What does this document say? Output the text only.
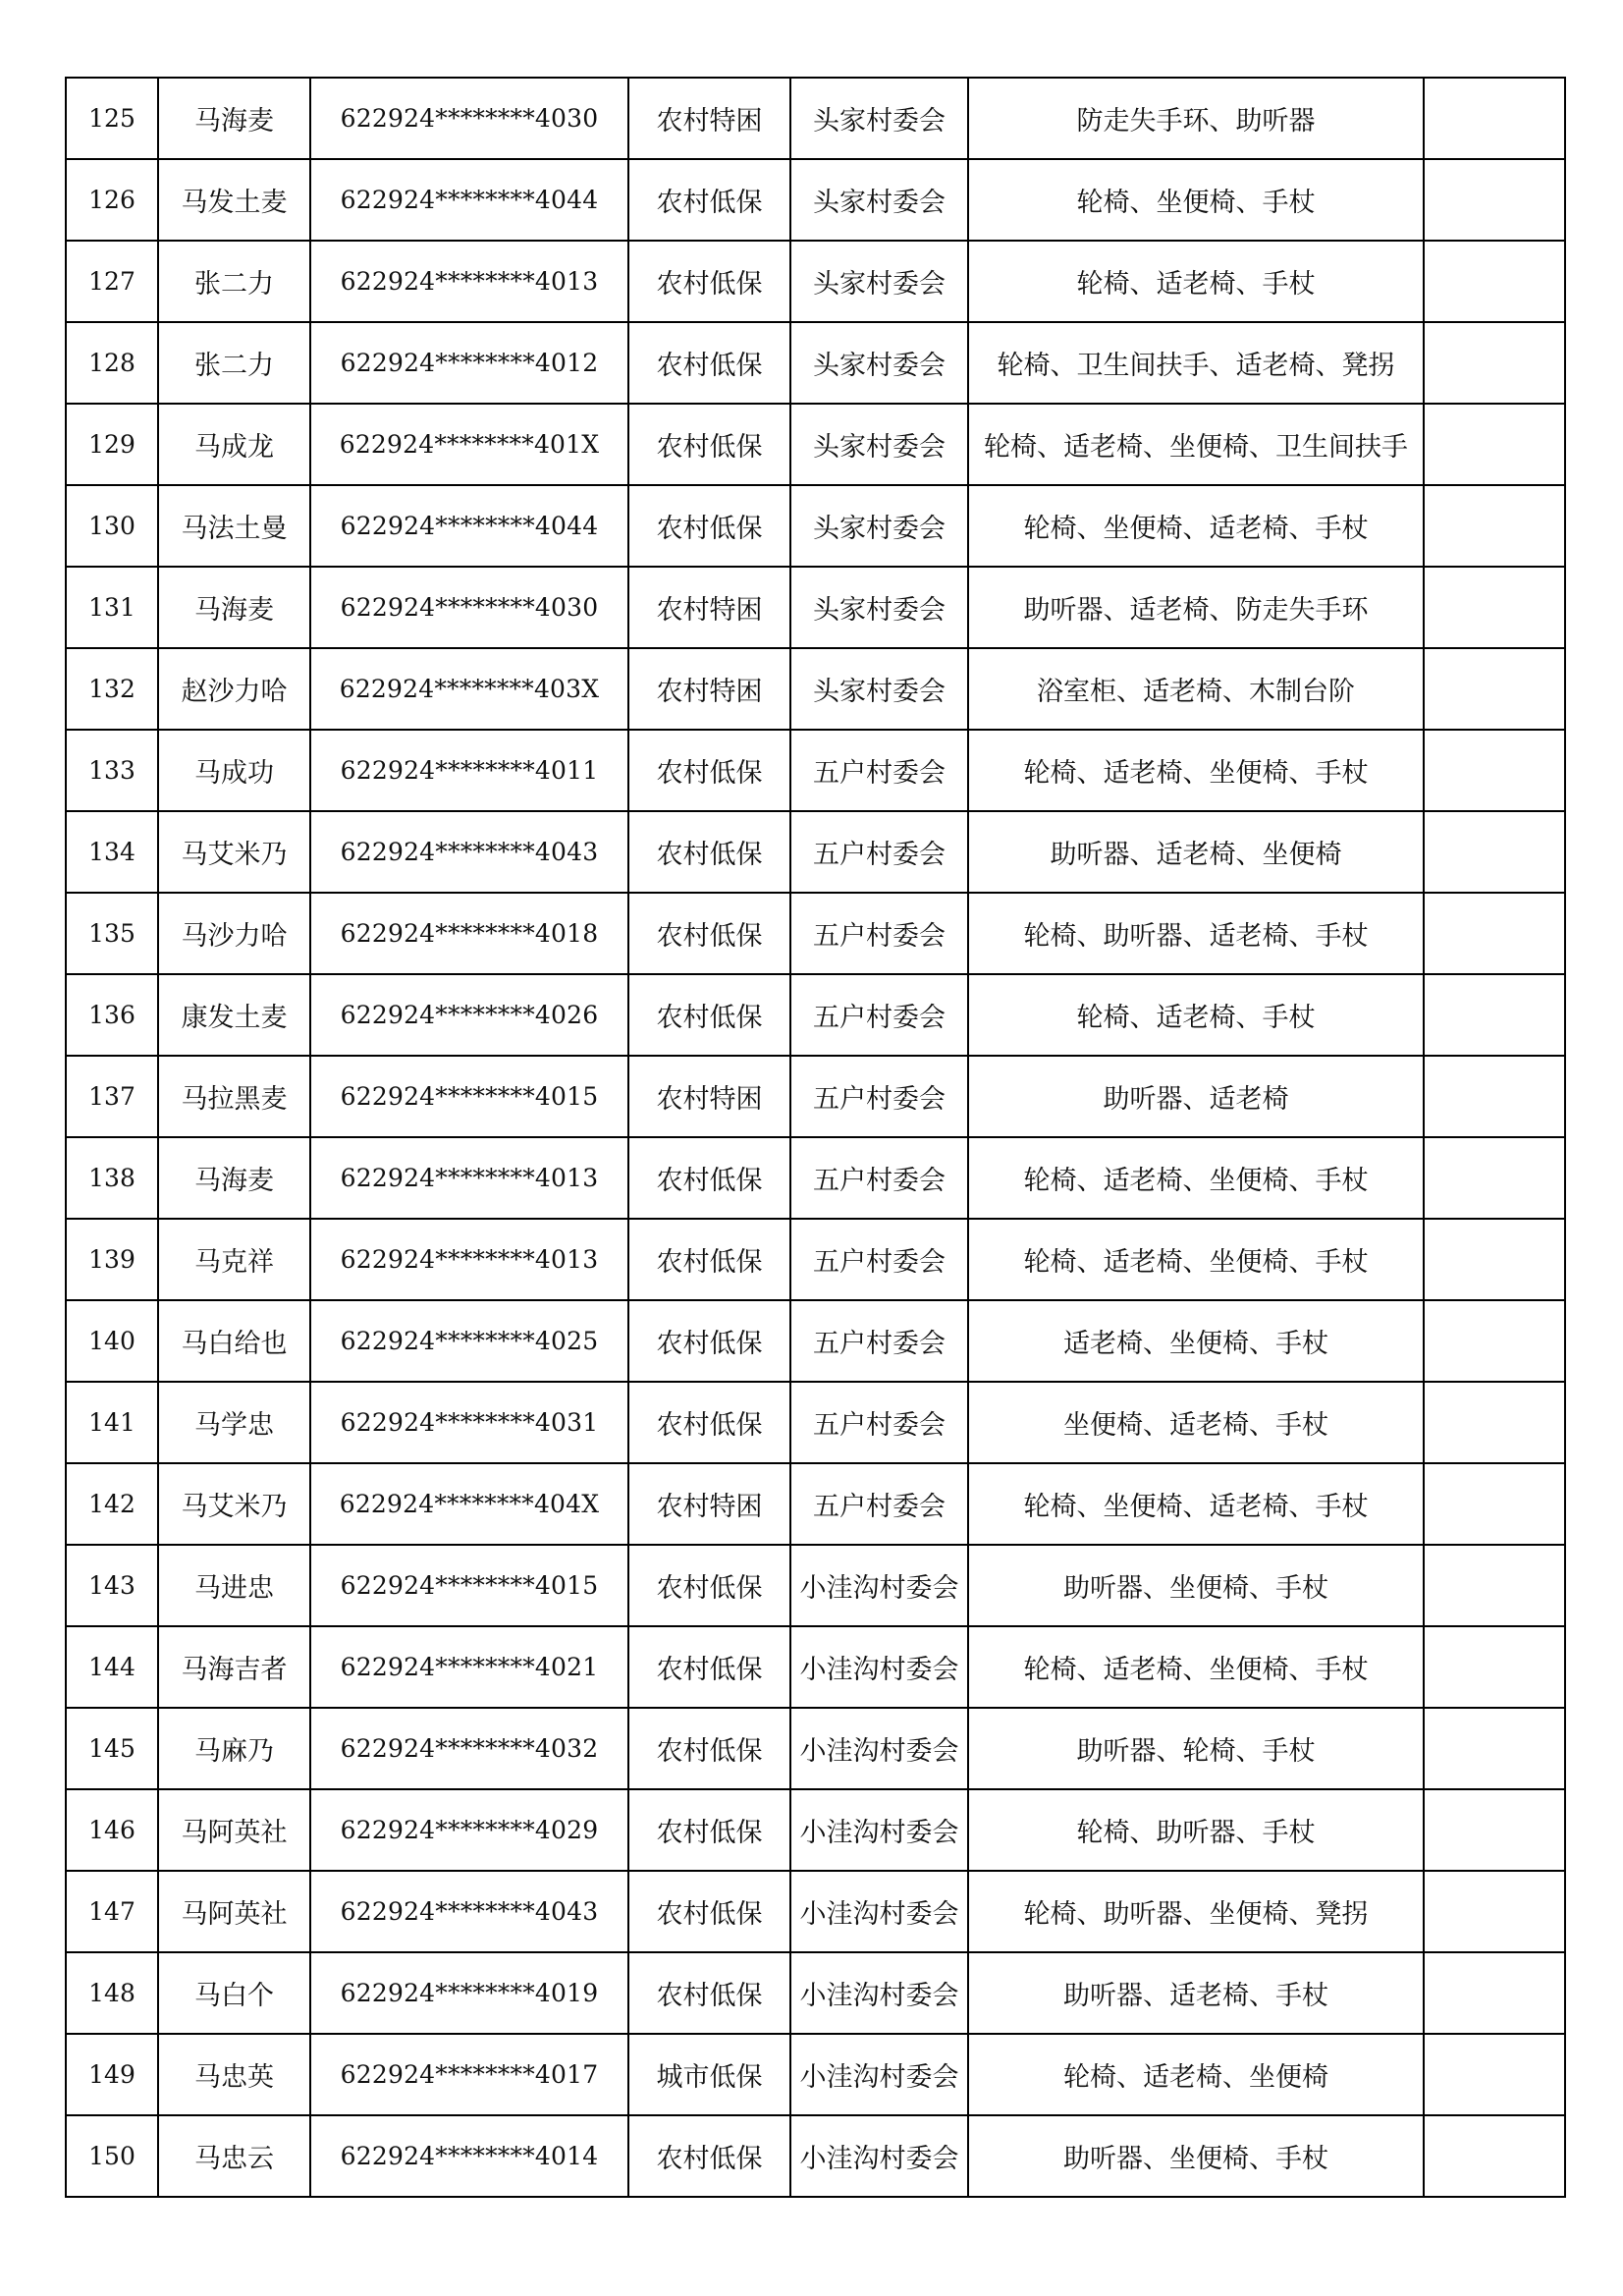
125	马海麦	622924********4030	农村特困	头家村委会	防走失手环、助听器	
126	马发土麦	622924********4044	农村低保	头家村委会	轮椅、坐便椅、手杖	
127	张二力	622924********4013	农村低保	头家村委会	轮椅、适老椅、手杖	
128	张二力	622924********4012	农村低保	头家村委会	轮椅、卫生间扶手、适老椅、凳拐	
129	马成龙	622924********401X	农村低保	头家村委会	轮椅、适老椅、坐便椅、卫生间扶手	
130	马法土曼	622924********4044	农村低保	头家村委会	轮椅、坐便椅、适老椅、手杖	
131	马海麦	622924********4030	农村特困	头家村委会	助听器、适老椅、防走失手环	
132	赵沙力哈	622924********403X	农村特困	头家村委会	浴室柜、适老椅、木制台阶	
133	马成功	622924********4011	农村低保	五户村委会	轮椅、适老椅、坐便椅、手杖	
134	马艾米乃	622924********4043	农村低保	五户村委会	助听器、适老椅、坐便椅	
135	马沙力哈	622924********4018	农村低保	五户村委会	轮椅、助听器、适老椅、手杖	
136	康发土麦	622924********4026	农村低保	五户村委会	轮椅、适老椅、手杖	
137	马拉黑麦	622924********4015	农村特困	五户村委会	助听器、适老椅	
138	马海麦	622924********4013	农村低保	五户村委会	轮椅、适老椅、坐便椅、手杖	
139	马克祥	622924********4013	农村低保	五户村委会	轮椅、适老椅、坐便椅、手杖	
140	马白给也	622924********4025	农村低保	五户村委会	适老椅、坐便椅、手杖	
141	马学忠	622924********4031	农村低保	五户村委会	坐便椅、适老椅、手杖	
142	马艾米乃	622924********404X	农村特困	五户村委会	轮椅、坐便椅、适老椅、手杖	
143	马进忠	622924********4015	农村低保	小洼沟村委会	助听器、坐便椅、手杖	
144	马海吉者	622924********4021	农村低保	小洼沟村委会	轮椅、适老椅、坐便椅、手杖	
145	马麻乃	622924********4032	农村低保	小洼沟村委会	助听器、轮椅、手杖	
146	马阿英社	622924********4029	农村低保	小洼沟村委会	轮椅、助听器、手杖	
147	马阿英社	622924********4043	农村低保	小洼沟村委会	轮椅、助听器、坐便椅、凳拐	
148	马白个	622924********4019	农村低保	小洼沟村委会	助听器、适老椅、手杖	
149	马忠英	622924********4017	城市低保	小洼沟村委会	轮椅、适老椅、坐便椅	
150	马忠云	622924********4014	农村低保	小洼沟村委会	助听器、坐便椅、手杖	
